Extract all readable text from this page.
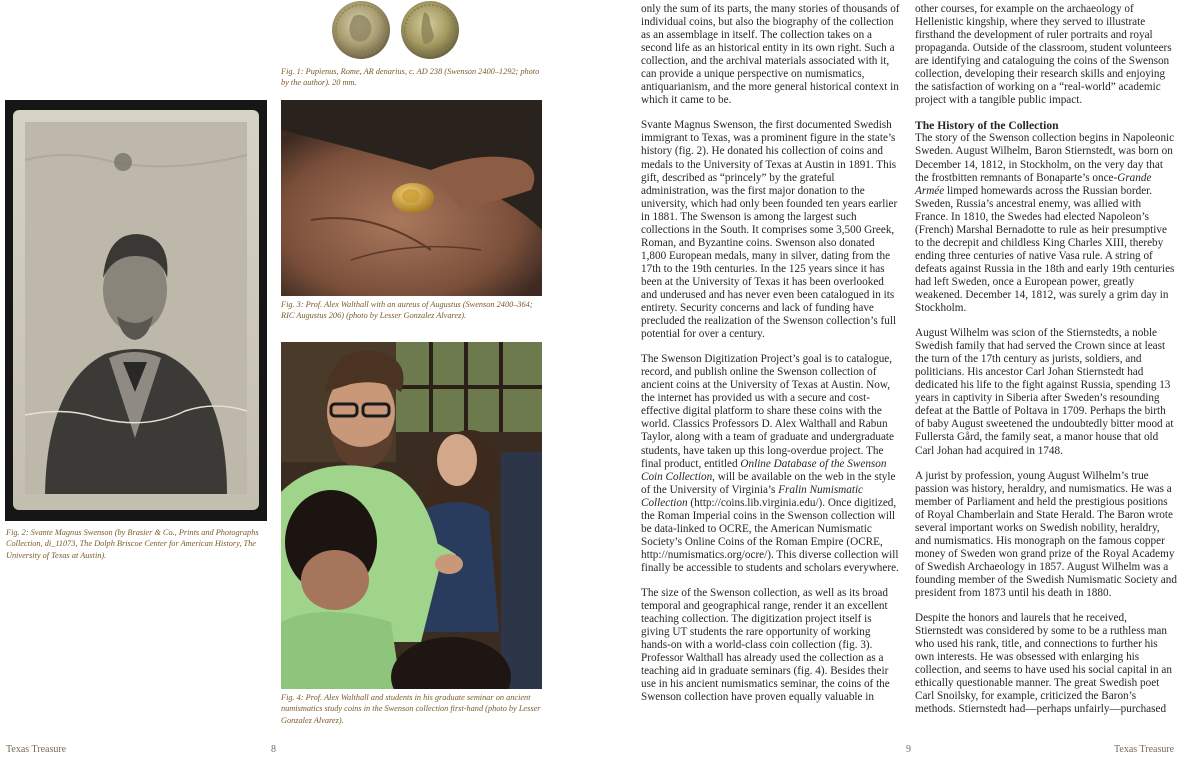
Fig. 1: Pupienus, Rome, AR denarius, c. AD 238 (Swenson 2400–1292; photo by the author). 20 mm.
Fig. 2: Svante Magnus Swenson (by Brasier & Co., Prints and Photographs Collection, di_11073, The Dolph Briscoe Center for American History, The University of Texas at Austin).
Fig. 3: Prof. Alex Walthall with an aureus of Augustus (Swenson 2400–364; RIC Augustus 206) (photo by Lesser Gonzalez Alvarez).
Fig. 4: Prof. Alex Walthall and students in his graduate seminar on ancient numismatics study coins in the Swenson collection first-hand (photo by Lesser Gonzalez Alvarez).
Texas Treasure	8

only the sum of its parts, the many stories of thousands of individual coins, but also the biography of the collection as an assemblage in itself. The collection takes on a second life as an historical entity in its own right. Such a collection, and the archival materials associated with it, can provide a unique perspective on numismatics, antiquarianism, and the more general historical context in which it came to be.

Svante Magnus Swenson, the first documented Swedish immigrant to Texas, was a prominent figure in the state’s history (fig. 2). He donated his collection of coins and medals to the University of Texas at Austin in 1891. This gift, described as “princely” by the grateful administration, was the first major donation to the university, which had only been founded ten years earlier in 1881. The Swenson is among the largest such collections in the South. It comprises some 3,500 Greek, Roman, and Byzantine coins. Swenson also donated 1,800 European medals, many in silver, dating from the 17th to the 19th centuries. In the 125 years since it has been at the University of Texas it has been overlooked and underused and has never even been catalogued in its entirety. Security concerns and lack of funding have precluded the realization of the Swenson collection’s full potential for over a century.

The Swenson Digitization Project’s goal is to catalogue, record, and publish online the Swenson collection of ancient coins at the University of Texas at Austin. Now, the internet has provided us with a secure and cost-effective digital platform to share these coins with the world. Classics Professors D. Alex Walthall and Rabun Taylor, along with a team of graduate and undergraduate students, have taken up this long-overdue project. The final product, entitled Online Database of the Swenson Coin Collection, will be available on the web in the style of the University of Virginia’s Fralin Numismatic Collection (http://coins.lib.virginia.edu/). Once digitized, the Roman Imperial coins in the Swenson collection will be data-linked to OCRE, the American Numismatic Society’s Online Coins of the Roman Empire (OCRE, http://numismatics.org/ocre/). This diverse collection will finally be accessible to students and scholars everywhere.

The size of the Swenson collection, as well as its broad temporal and geographical range, render it an excellent teaching collection. The digitization project itself is giving UT students the rare opportunity of working hands-on with a world-class coin collection (fig. 3). Professor Walthall has already used the collection as a teaching aid in graduate seminars (fig. 4). Besides their use in his ancient numismatics seminar, the coins of the Swenson collection have proven equally valuable in

other courses, for example on the archaeology of Hellenistic kingship, where they served to illustrate firsthand the development of ruler portraits and royal propaganda. Outside of the classroom, student volunteers are identifying and cataloguing the coins of the Swenson collection, developing their research skills and enjoying the satisfaction of working on a “real-world” academic project with a tangible public impact.

The History of the Collection

The story of the Swenson collection begins in Napoleonic Sweden. August Wilhelm, Baron Stiernstedt, was born on December 14, 1812, in Stockholm, on the very day that the frostbitten remnants of Bonaparte’s once-Grande Armée limped homewards across the Russian border. Sweden, Russia’s ancestral enemy, was allied with France. In 1810, the Swedes had elected Napoleon’s (French) Marshal Bernadotte to rule as heir presumptive to the decrepit and childless King Charles XIII, thereby ending three centuries of native Vasa rule. A string of defeats against Russia in the 18th and early 19th centuries had left Sweden, once a European power, greatly weakened. December 14, 1812, was surely a grim day in Stockholm.

August Wilhelm was scion of the Stiernstedts, a noble Swedish family that had served the Crown since at least the turn of the 17th century as jurists, soldiers, and politicians. His ancestor Carl Johan Stiernstedt had dedicated his life to the fight against Russia, spending 13 years in captivity in Siberia after Sweden’s resounding defeat at the Battle of Poltava in 1709. Perhaps the birth of baby August sweetened the undoubtedly bitter mood at Fullersta Gård, the family seat, a manor house that old Carl Johan had acquired in 1748.

A jurist by profession, young August Wilhelm’s true passion was history, heraldry, and numismatics. He was a member of Parliament and held the prestigious positions of Royal Chamberlain and State Herald. The Baron wrote several important works on Swedish nobility, heraldry, and numismatics. His monograph on the famous copper money of Sweden won grand prize of the Royal Academy of Swedish Archaeology in 1857. August Wilhelm was a founding member of the Swedish Numismatic Society and president from 1873 until his death in 1880.

Despite the honors and laurels that he received, Stiernstedt was considered by some to be a ruthless man who used his rank, title, and connections to further his own interests. He was obsessed with enlarging his collection, and seems to have used his social capital in an ethically questionable manner. The great Swedish poet Carl Snoilsky, for example, criticized the Baron’s methods. Stiernstedt had—perhaps unfairly—purchased

9	Texas Treasure
